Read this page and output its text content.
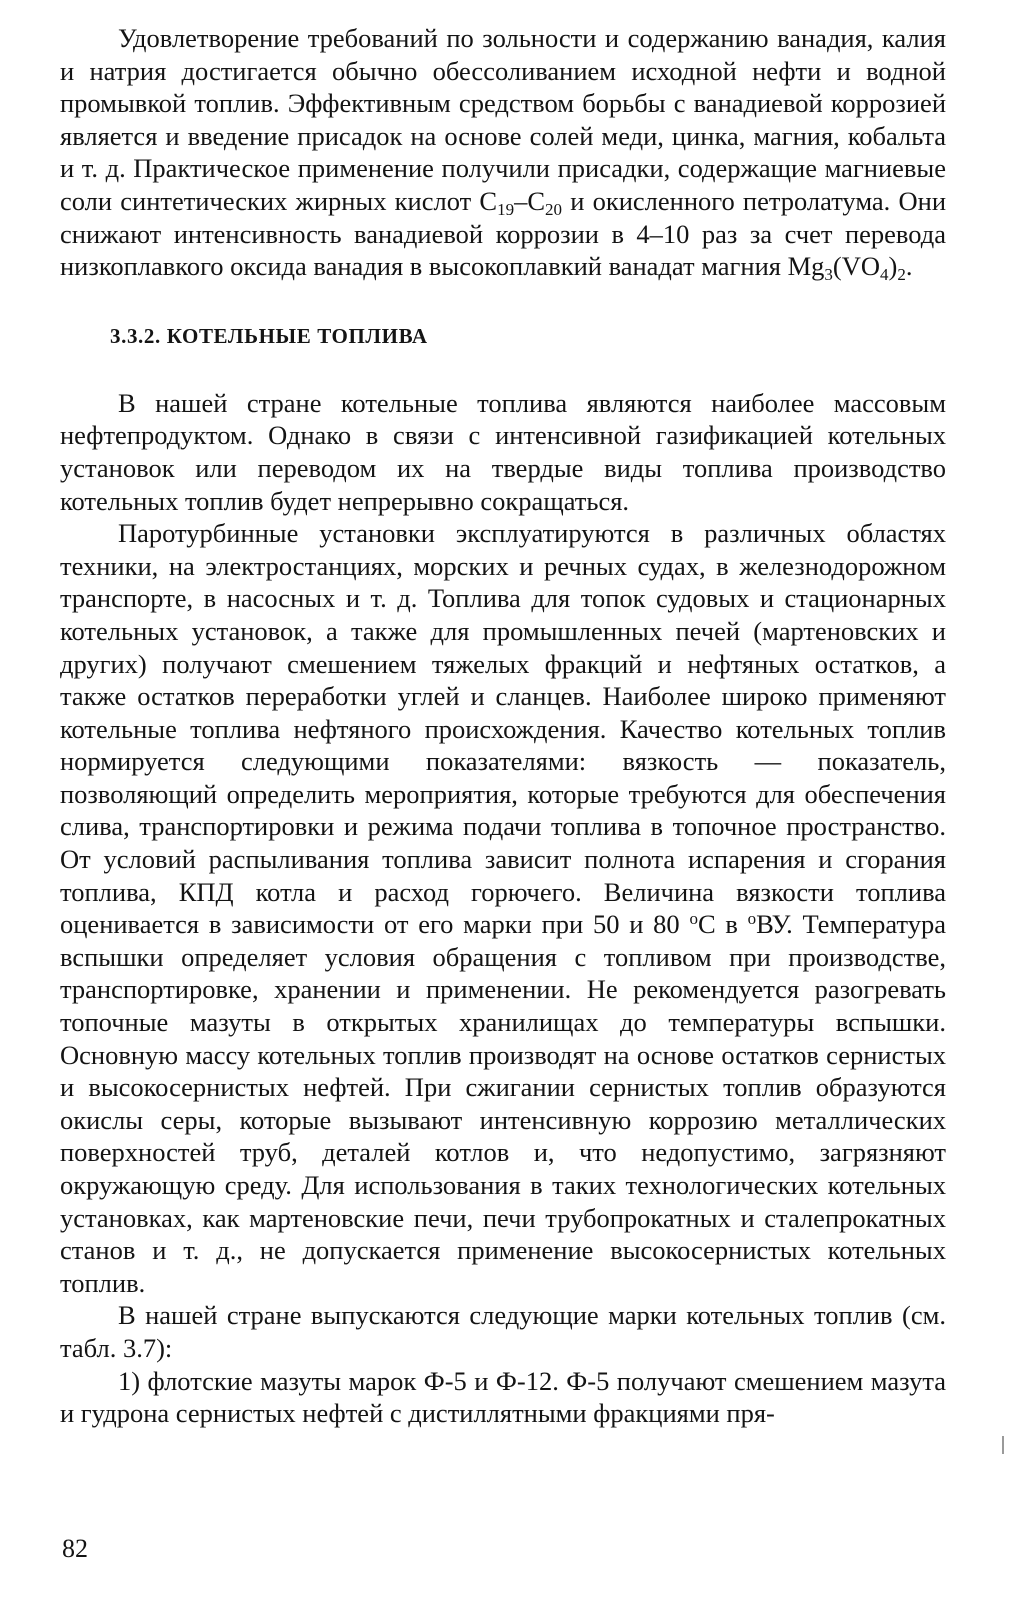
Удовлетворение требований по зольности и содержанию ванадия, калия и натрия достигается обычно обессоливанием исходной нефти и водной промывкой топлив. Эффективным средством борьбы с ванадиевой коррозией является и введение присадок на основе солей меди, цинка, магния, кобальта и т. д. Практическое применение получили присадки, содержащие магниевые соли синтетических жирных кислот $C_{19}-C_{20}$ и окисленного петролатума. Они снижают интенсивность ванадиевой коррозии в 4–10 раз за счет перевода низкоплавкого оксида ванадия в высокоплавкий ванадат магния $Mg_3(VO_4)_2$.

3.3.2. КОТЕЛЬНЫЕ ТОПЛИВА

В нашей стране котельные топлива являются наиболее массовым нефтепродуктом. Однако в связи с интенсивной газификацией котельных установок или переводом их на твердые виды топлива производство котельных топлив будет непрерывно сокращаться.

Паротурбинные установки эксплуатируются в различных областях техники, на электростанциях, морских и речных судах, в железнодорожном транспорте, в насосных и т. д. Топлива для топок судовых и стационарных котельных установок, а также для промышленных печей (мартеновских и других) получают смешением тяжелых фракций и нефтяных остатков, а также остатков переработки углей и сланцев. Наиболее широко применяют котельные топлива нефтяного происхождения. Качество котельных топлив нормируется следующими показателями: вязкость — показатель, позволяющий определить мероприятия, которые требуются для обеспечения слива, транспортировки и режима подачи топлива в топочное пространство. От условий распыливания топлива зависит полнота испарения и сгорания топлива, КПД котла и расход горючего. Величина вязкости топлива оценивается в зависимости от его марки при 50 и 80 $^о$С в $^о$ВУ. Температура вспышки определяет условия обращения с топливом при производстве, транспортировке, хранении и применении. Не рекомендуется разогревать топочные мазуты в открытых хранилищах до температуры вспышки. Основную массу котельных топлив производят на основе остатков сернистых и высокосернистых нефтей. При сжигании сернистых топлив образуются окислы серы, которые вызывают интенсивную коррозию металлических поверхностей труб, деталей котлов и, что недопустимо, загрязняют окружающую среду. Для использования в таких технологических котельных установках, как мартеновские печи, печи трубопрокатных и сталепрокатных станов и т. д., не допускается применение высокосернистых котельных топлив.

В нашей стране выпускаются следующие марки котельных топлив (см. табл. 3.7):

1) флотские мазуты марок Ф-5 и Ф-12. Ф-5 получают смешением мазута и гудрона сернистых нефтей с дистиллятными фракциями пря-

82
